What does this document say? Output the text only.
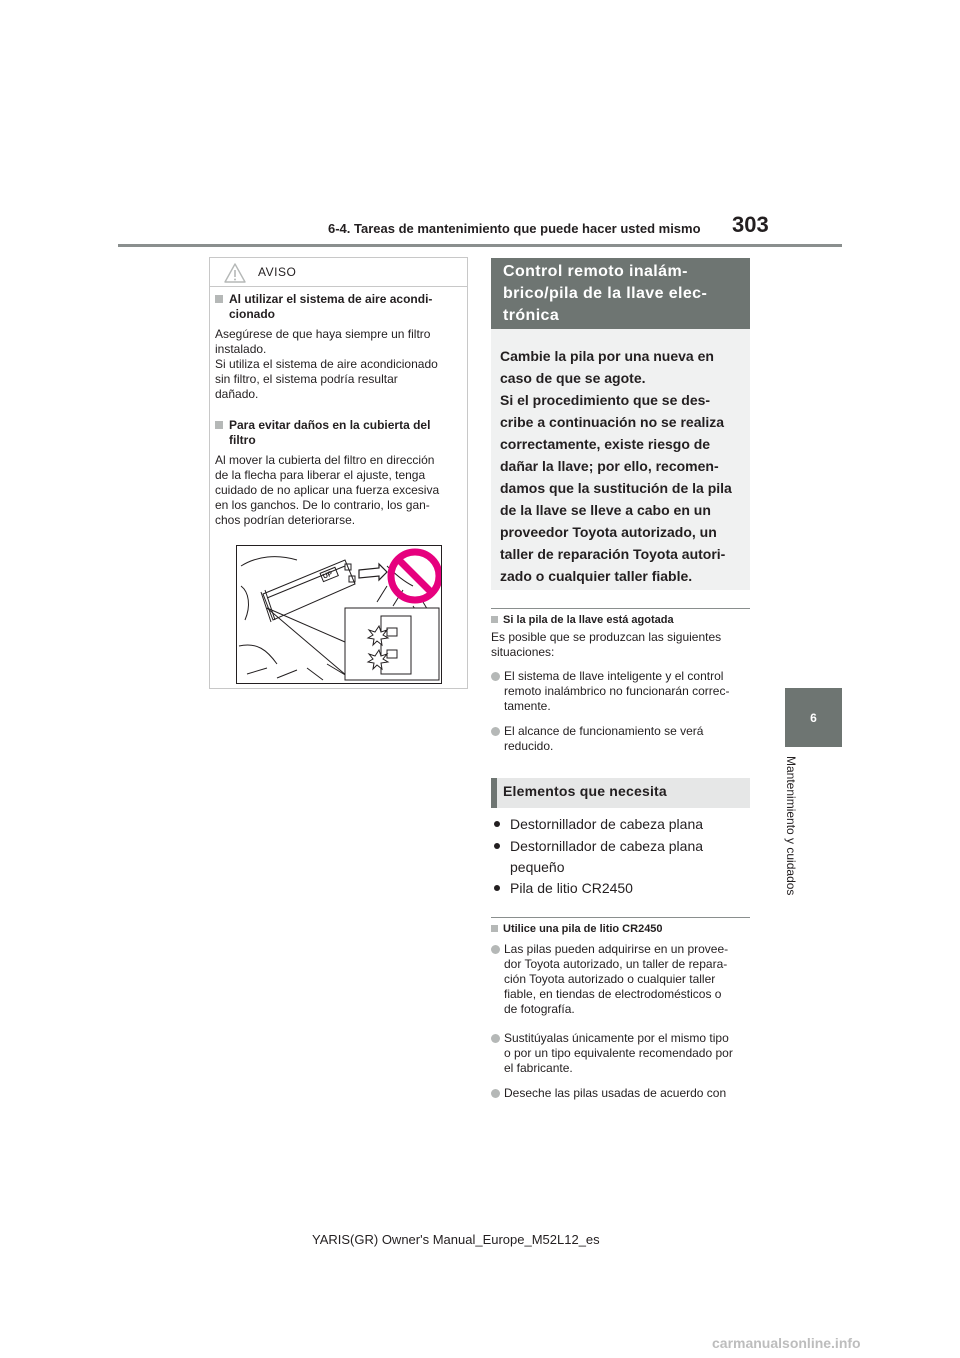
6-4. Tareas de mantenimiento que puede hacer usted mismo 303
6
Mantenimiento y cuidados
AVISO
Al utilizar el sistema de aire acondi-
cionado
Asegúrese de que haya siempre un filtro
instalado.
Si utiliza el sistema de aire acondicionado
sin filtro, el sistema podría resultar
dañado.
Para evitar daños en la cubierta del
filtro
Al mover la cubierta del filtro en dirección
de la flecha para liberar el ajuste, tenga
cuidado de no aplicar una fuerza excesiva
en los ganchos. De lo contrario, los gan-
chos podrían deteriorarse.
UP
Control remoto inalám-
brico/pila de la llave elec-
trónica
Cambie la pila por una nueva en
caso de que se agote.
Si el procedimiento que se des-
cribe a continuación no se realiza
correctamente, existe riesgo de
dañar la llave; por ello, recomen-
damos que la sustitución de la pila
de la llave se lleve a cabo en un
proveedor Toyota autorizado, un
taller de reparación Toyota autori-
zado o cualquier taller fiable.
Si la pila de la llave está agotada
Es posible que se produzcan las siguientes
situaciones:
El sistema de llave inteligente y el control
remoto inalámbrico no funcionarán correc-
tamente.
El alcance de funcionamiento se verá
reducido.
Elementos que necesita
Destornillador de cabeza plana
Destornillador de cabeza plana
pequeño
Pila de litio CR2450
Utilice una pila de litio CR2450
Las pilas pueden adquirirse en un provee-
dor Toyota autorizado, un taller de repara-
ción Toyota autorizado o cualquier taller
fiable, en tiendas de electrodomésticos o
de fotografía.
Sustitúyalas únicamente por el mismo tipo
o por un tipo equivalente recomendado por
el fabricante.
Deseche las pilas usadas de acuerdo con
YARIS(GR) Owner's Manual_Europe_M52L12_es
carmanualsonline.info
